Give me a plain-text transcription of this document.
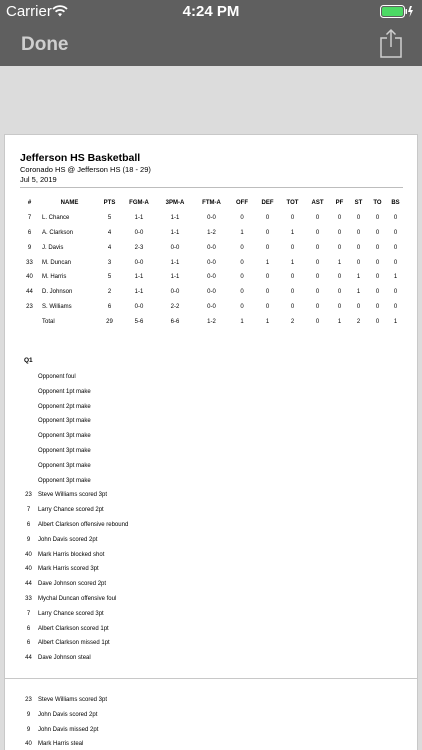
Carrier	4:24 PM
Done
Jefferson HS Basketball
Coronado HS @ Jefferson HS (18 - 29)
Jul 5, 2019
#	NAME	PTS	FGM-A	3PM-A	FTM-A	OFF	DEF	TOT	AST	PF	ST	TO	BS
7	L. Chance	5	1-1	1-1	0-0	0	0	0	0	0	0	0	0
6	A. Clarkson	4	0-0	1-1	1-2	1	0	1	0	0	0	0	0
9	J. Davis	4	2-3	0-0	0-0	0	0	0	0	0	0	0	0
33	M. Duncan	3	0-0	1-1	0-0	0	1	1	0	1	0	0	0
40	M. Harris	5	1-1	1-1	0-0	0	0	0	0	0	1	0	1
44	D. Johnson	2	1-1	0-0	0-0	0	0	0	0	0	1	0	0
23	S. Williams	6	0-0	2-2	0-0	0	0	0	0	0	0	0	0
	Total	29	5-6	6-6	1-2	1	1	2	0	1	2	0	1
Q1
Opponent foul
Opponent 1pt make
Opponent 2pt make
Opponent 3pt make
Opponent 3pt make
Opponent 3pt make
Opponent 3pt make
Opponent 3pt make
23	Steve Williams scored 3pt
7	Larry Chance scored 2pt
6	Albert Clarkson offensive rebound
9	John Davis scored 2pt
40	Mark Harris blocked shot
40	Mark Harris scored 3pt
44	Dave Johnson scored 2pt
33	Mychal Duncan offensive foul
7	Larry Chance scored 3pt
6	Albert Clarkson scored 1pt
6	Albert Clarkson missed 1pt
44	Dave Johnson steal
23	Steve Williams scored 3pt
9	John Davis scored 2pt
9	John Davis missed 2pt
40	Mark Harris steal
